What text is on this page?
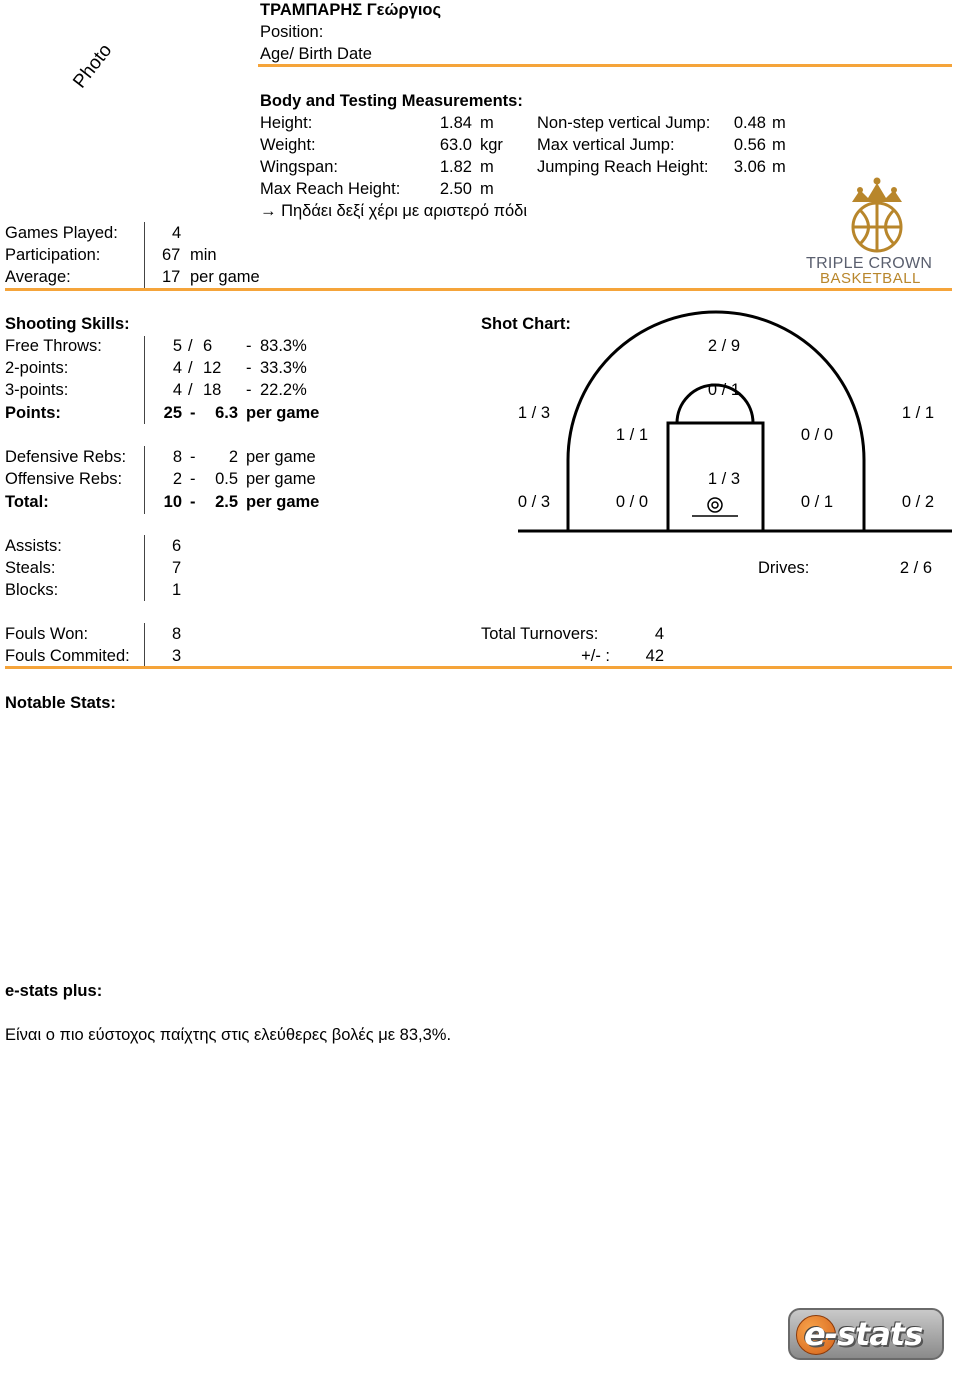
Photo
ΤΡΑΜΠΑΡΗΣ Γεώργιος
Position:
Age/ Birth Date
Body and Testing Measurements:
Height:	1.84 m
Weight:	63.0 kgr
Wingspan:	1.82 m
Max Reach Height:	2.50 m
Non-step vertical Jump:	0.48 m
Max vertical Jump:	0.56 m
Jumping Reach Height:	3.06 m
→ Πηδάει δεξί χέρι με αριστερό πόδι
Games Played:	4
Participation:	67 min
Average:	17 per game
TRIPLE CROWN
BASKETBALL
Shooting Skills:
Free Throws:	5 / 6 - 83.3%
2-points:	4 / 12 - 33.3%
3-points:	4 / 18 - 22.2%
Points:	25 -	6.3 per game
Defensive Rebs:	8 -	2 per game
Offensive Rebs:	2 -	0.5 per game
Total:	10 -	2.5 per game
Shot Chart:
2 / 9
0 / 1
1 / 3	1 / 1
1 / 1	0 / 0
1 / 3
0 / 3	0 / 0	0 / 1	0 / 2
Assists:	6
Steals:	7
Blocks:	1
Drives:	2 / 6
Fouls Won:	8
Fouls Commited:	3
Total Turnovers:	4
+/- :	42
Notable Stats:
e-stats plus:
Είναι ο πιο εύστοχος παίχτης στις ελεύθερες βολές με 83,3%.
e-stats
